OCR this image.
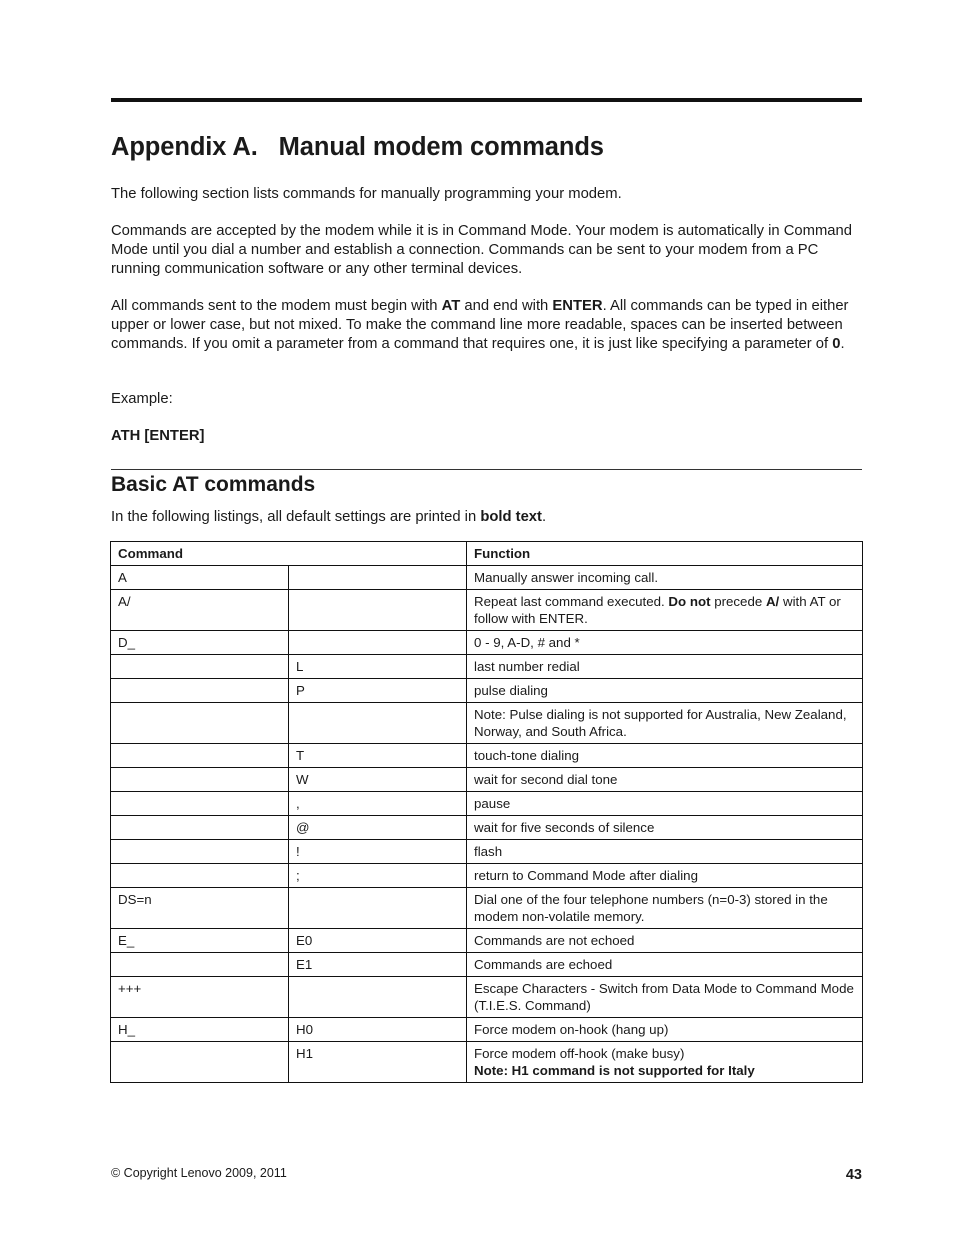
Appendix A.   Manual modem commands
The following section lists commands for manually programming your modem.
Commands are accepted by the modem while it is in Command Mode. Your modem is automatically in Command Mode until you dial a number and establish a connection. Commands can be sent to your modem from a PC running communication software or any other terminal devices.
All commands sent to the modem must begin with AT and end with ENTER. All commands can be typed in either upper or lower case, but not mixed. To make the command line more readable, spaces can be inserted between commands. If you omit a parameter from a command that requires one, it is just like specifying a parameter of 0.
Example:
ATH [ENTER]
Basic AT commands
In the following listings, all default settings are printed in bold text.
Command		Function
A		Manually answer incoming call.
A/		Repeat last command executed. Do not precede A/ with AT or follow with ENTER.
D_		0 - 9, A-D, # and *
	L	last number redial
	P	pulse dialing
		Note: Pulse dialing is not supported for Australia, New Zealand, Norway, and South Africa.
	T	touch-tone dialing
	W	wait for second dial tone
	,	pause
	@	wait for five seconds of silence
	!	flash
	;	return to Command Mode after dialing
DS=n		Dial one of the four telephone numbers (n=0-3) stored in the modem non-volatile memory.
E_	E0	Commands are not echoed
	E1	Commands are echoed
+++		Escape Characters - Switch from Data Mode to Command Mode (T.I.E.S. Command)
H_	H0	Force modem on-hook (hang up)
	H1	Force modem off-hook (make busy)
Note: H1 command is not supported for Italy
© Copyright Lenovo 2009, 2011	43
